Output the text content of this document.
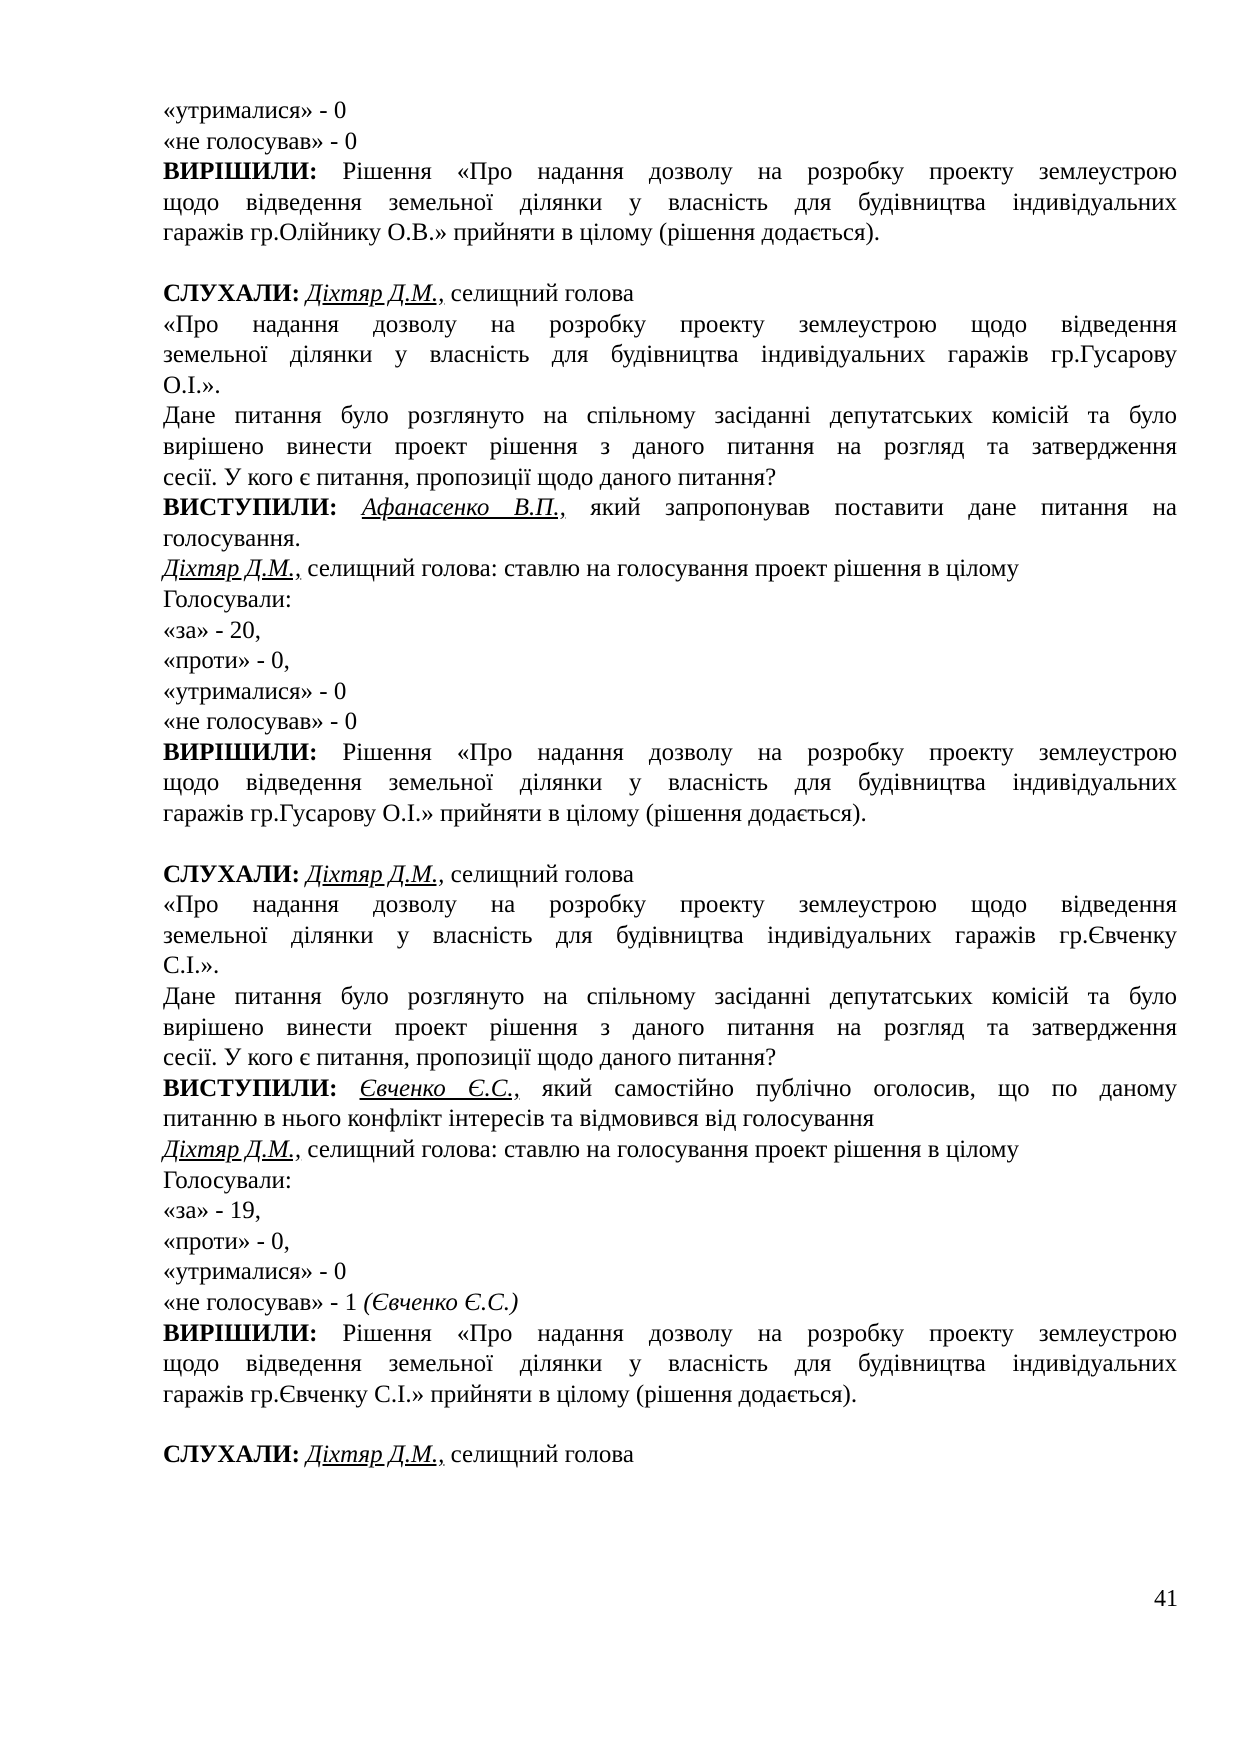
«утрималися» - 0
«не голосував» - 0
ВИРІШИЛИ: Рішення «Про надання дозволу на розробку проекту землеустрою
щодо відведення земельної ділянки у власність для будівництва індивідуальних
гаражів гр.Олійнику О.В.» прийняти в цілому (рішення додається).
СЛУХАЛИ: Діхтяр Д.М., селищний голова
«Про надання дозволу на розробку проекту землеустрою щодо відведення
земельної ділянки у власність для будівництва індивідуальних гаражів гр.Гусарову
О.І.».
Дане питання було розглянуто на спільному засіданні депутатських комісій та було
вирішено винести проект рішення з даного питання на розгляд та затвердження
сесії. У кого є питання, пропозиції щодо даного питання?
ВИСТУПИЛИ: Афанасенко В.П., який запропонував поставити дане питання на
голосування.
Діхтяр Д.М., селищний голова: ставлю на голосування проект рішення в цілому
Голосували:
«за» - 20,
«проти» - 0,
«утрималися» - 0
«не голосував» - 0
ВИРІШИЛИ: Рішення «Про надання дозволу на розробку проекту землеустрою
щодо відведення земельної ділянки у власність для будівництва індивідуальних
гаражів гр.Гусарову О.І.» прийняти в цілому (рішення додається).
СЛУХАЛИ: Діхтяр Д.М., селищний голова
«Про надання дозволу на розробку проекту землеустрою щодо відведення
земельної ділянки у власність для будівництва індивідуальних гаражів гр.Євченку
С.І.».
Дане питання було розглянуто на спільному засіданні депутатських комісій та було
вирішено винести проект рішення з даного питання на розгляд та затвердження
сесії. У кого є питання, пропозиції щодо даного питання?
ВИСТУПИЛИ: Євченко Є.С., який самостійно публічно оголосив, що по даному
питанню в нього конфлікт інтересів та відмовився від голосування
Діхтяр Д.М., селищний голова: ставлю на голосування проект рішення в цілому
Голосували:
«за» - 19,
«проти» - 0,
«утрималися» - 0
«не голосував» - 1 (Євченко Є.С.)
ВИРІШИЛИ: Рішення «Про надання дозволу на розробку проекту землеустрою
щодо відведення земельної ділянки у власність для будівництва індивідуальних
гаражів гр.Євченку С.І.» прийняти в цілому (рішення додається).
СЛУХАЛИ: Діхтяр Д.М., селищний голова
41
